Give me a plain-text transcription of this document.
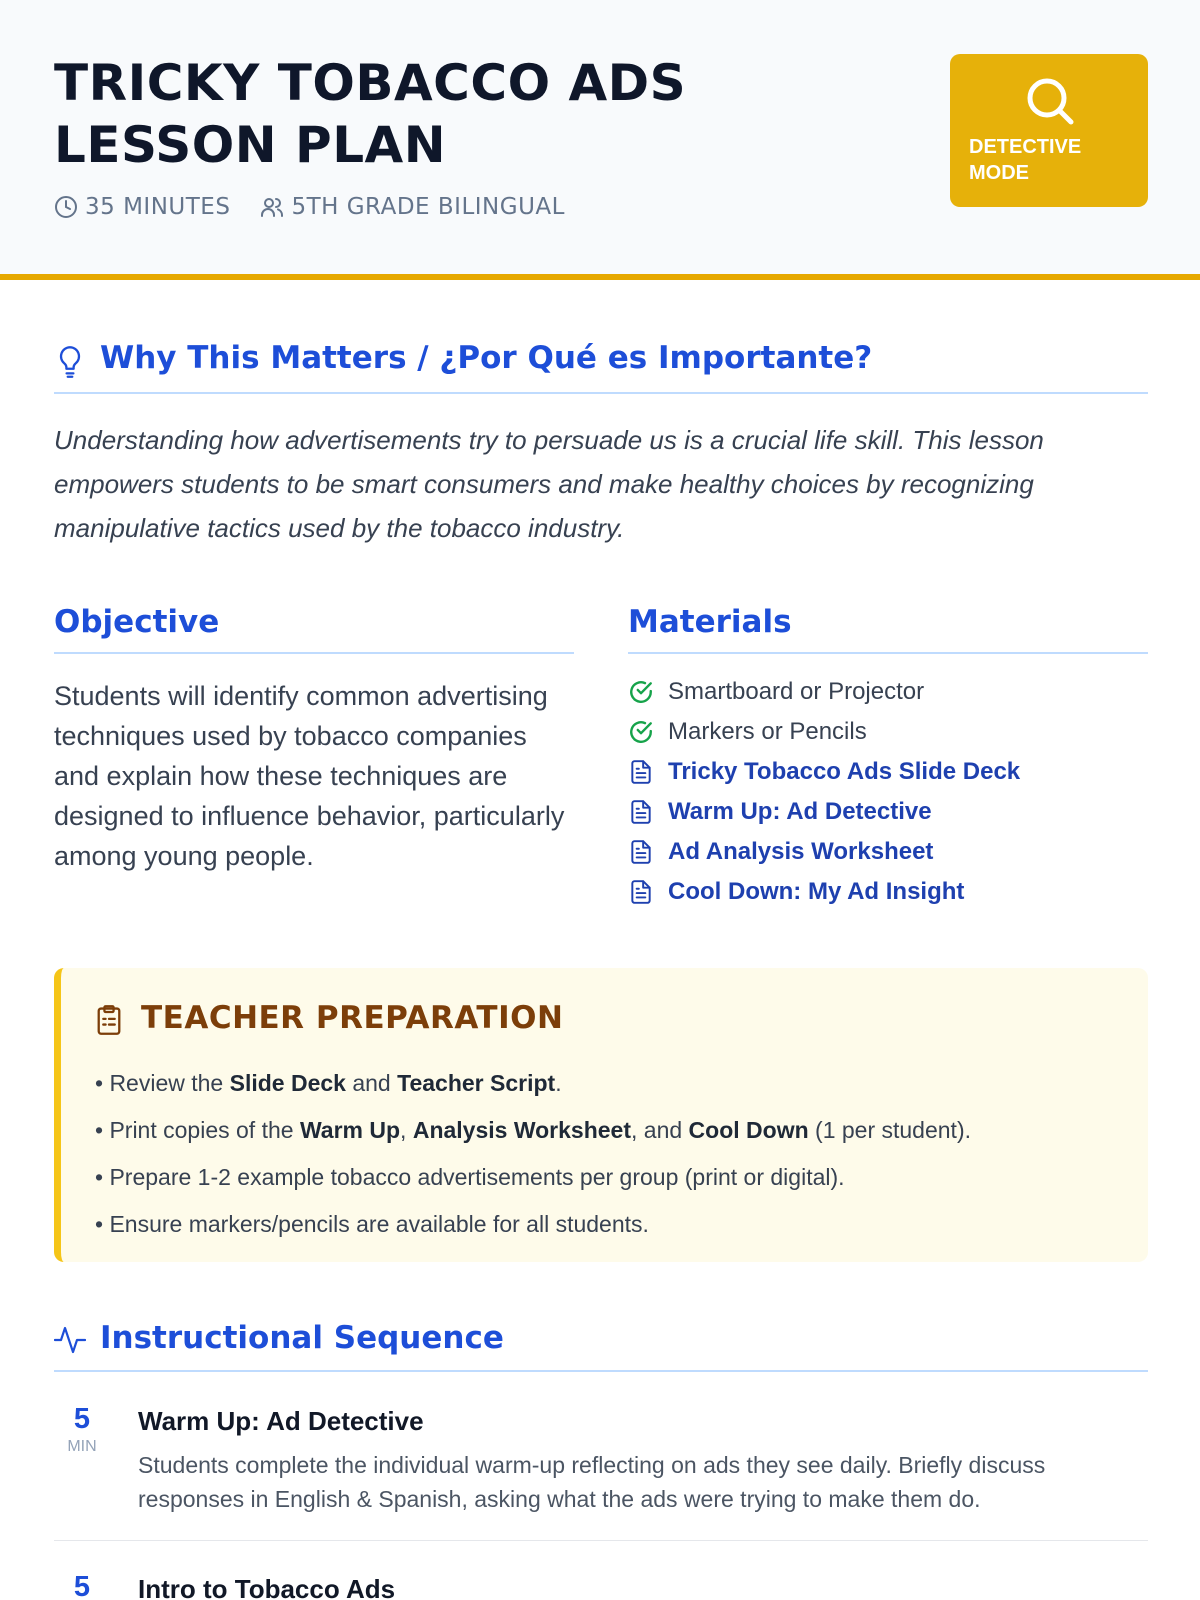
TRICKY TOBACCO ADS LESSON PLAN
35 MINUTES	5TH GRADE BILINGUAL
DETECTIVE MODE
Why This Matters / ¿Por Qué es Importante?
Understanding how advertisements try to persuade us is a crucial life skill. This lesson empowers students to be smart consumers and make healthy choices by recognizing manipulative tactics used by the tobacco industry.
Objective
Students will identify common advertising techniques used by tobacco companies and explain how these techniques are designed to influence behavior, particularly among young people.
Materials
Smartboard or Projector
Markers or Pencils
Tricky Tobacco Ads Slide Deck
Warm Up: Ad Detective
Ad Analysis Worksheet
Cool Down: My Ad Insight
TEACHER PREPARATION
• Review the Slide Deck and Teacher Script.
• Print copies of the Warm Up, Analysis Worksheet, and Cool Down (1 per student).
• Prepare 1-2 example tobacco advertisements per group (print or digital).
• Ensure markers/pencils are available for all students.
Instructional Sequence
5
MIN
Warm Up: Ad Detective
Students complete the individual warm-up reflecting on ads they see daily. Briefly discuss responses in English & Spanish, asking what the ads were trying to make them do.
5	Intro to Tobacco Ads
